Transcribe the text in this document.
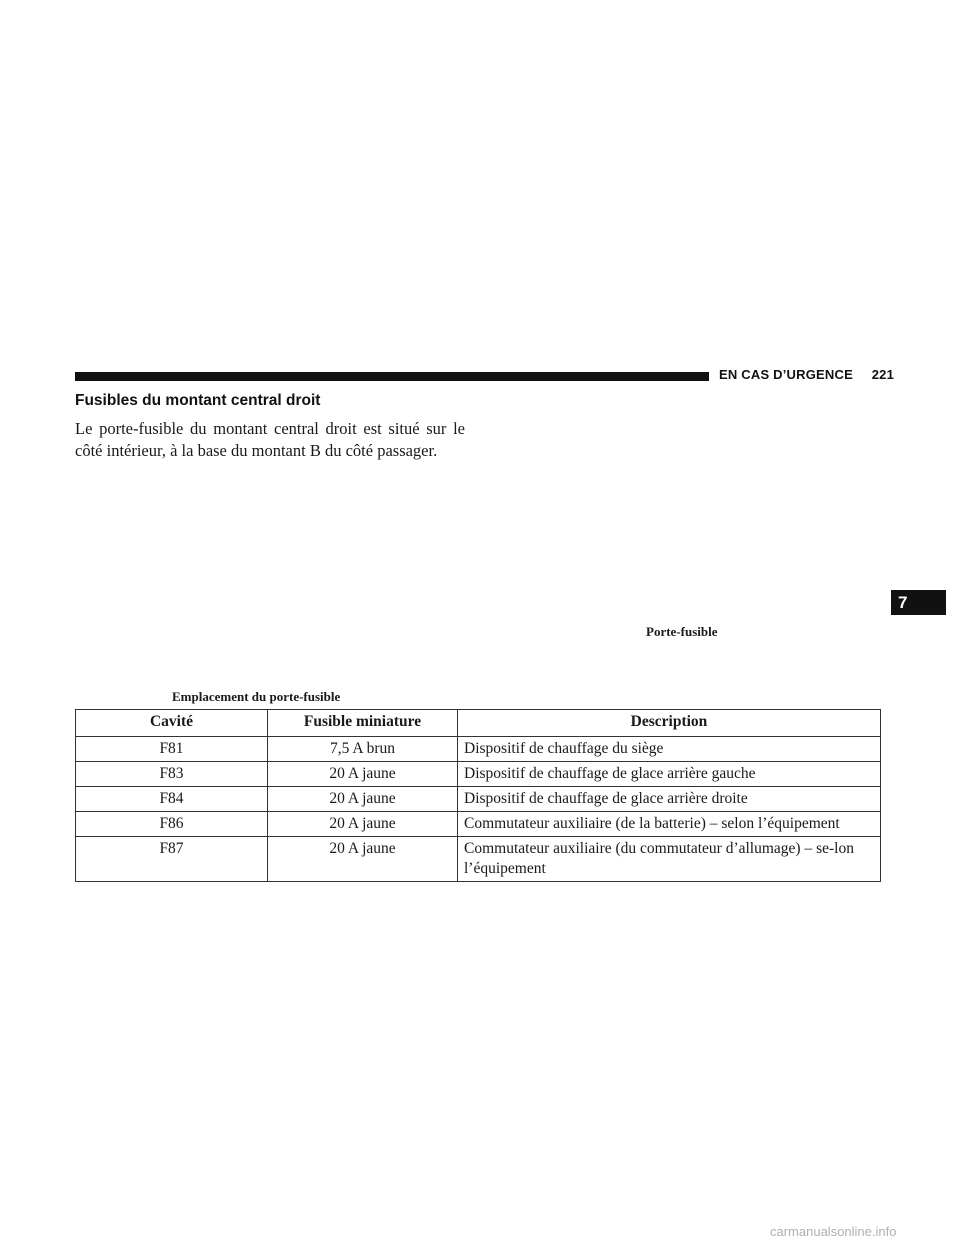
EN CAS D’URGENCE 221
Fusibles du montant central droit

Le porte-fusible du montant central droit est situé sur le côté intérieur, à la base du montant B du côté passager.

Porte-fusible
Emplacement du porte-fusible
Cavité	Fusible miniature	Description
F81	7,5 A brun	Dispositif de chauffage du siège
F83	20 A jaune	Dispositif de chauffage de glace arrière gauche
F84	20 A jaune	Dispositif de chauffage de glace arrière droite
F86	20 A jaune	Commutateur auxiliaire (de la batterie) – selon l’équipement
F87	20 A jaune	Commutateur auxiliaire (du commutateur d’allumage) – se-lon l’équipement
7
carmanualsonline.info
